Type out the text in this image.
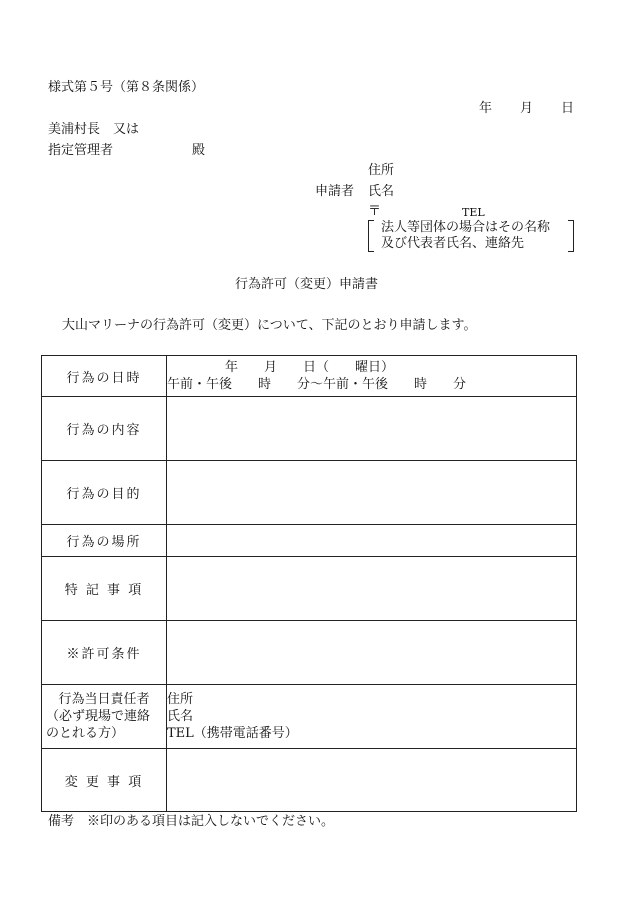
様式第５号（第８条関係）
年 月 日
美浦村長　又は
指定管理者	殿
住所
申請者 氏名
〒	TEL
法人等団体の場合はその名称
及び代表者氏名、連絡先
行為許可（変更）申請書
大山マリーナの行為許可（変更）について、下記のとおり申請します。
行為の日時	年　　月　　日（　　曜日）
午前・午後　　時　　分～午前・午後　　時　　分

行為の内容	
行為の目的	
行為の場所	
特 記 事 項	
※許可条件	

行為当日責任者
（必ず現場で連絡
のとれる方）	住所
氏名
TEL（携帯電話番号）

変 更 事 項	
備考　※印のある項目は記入しないでください。
